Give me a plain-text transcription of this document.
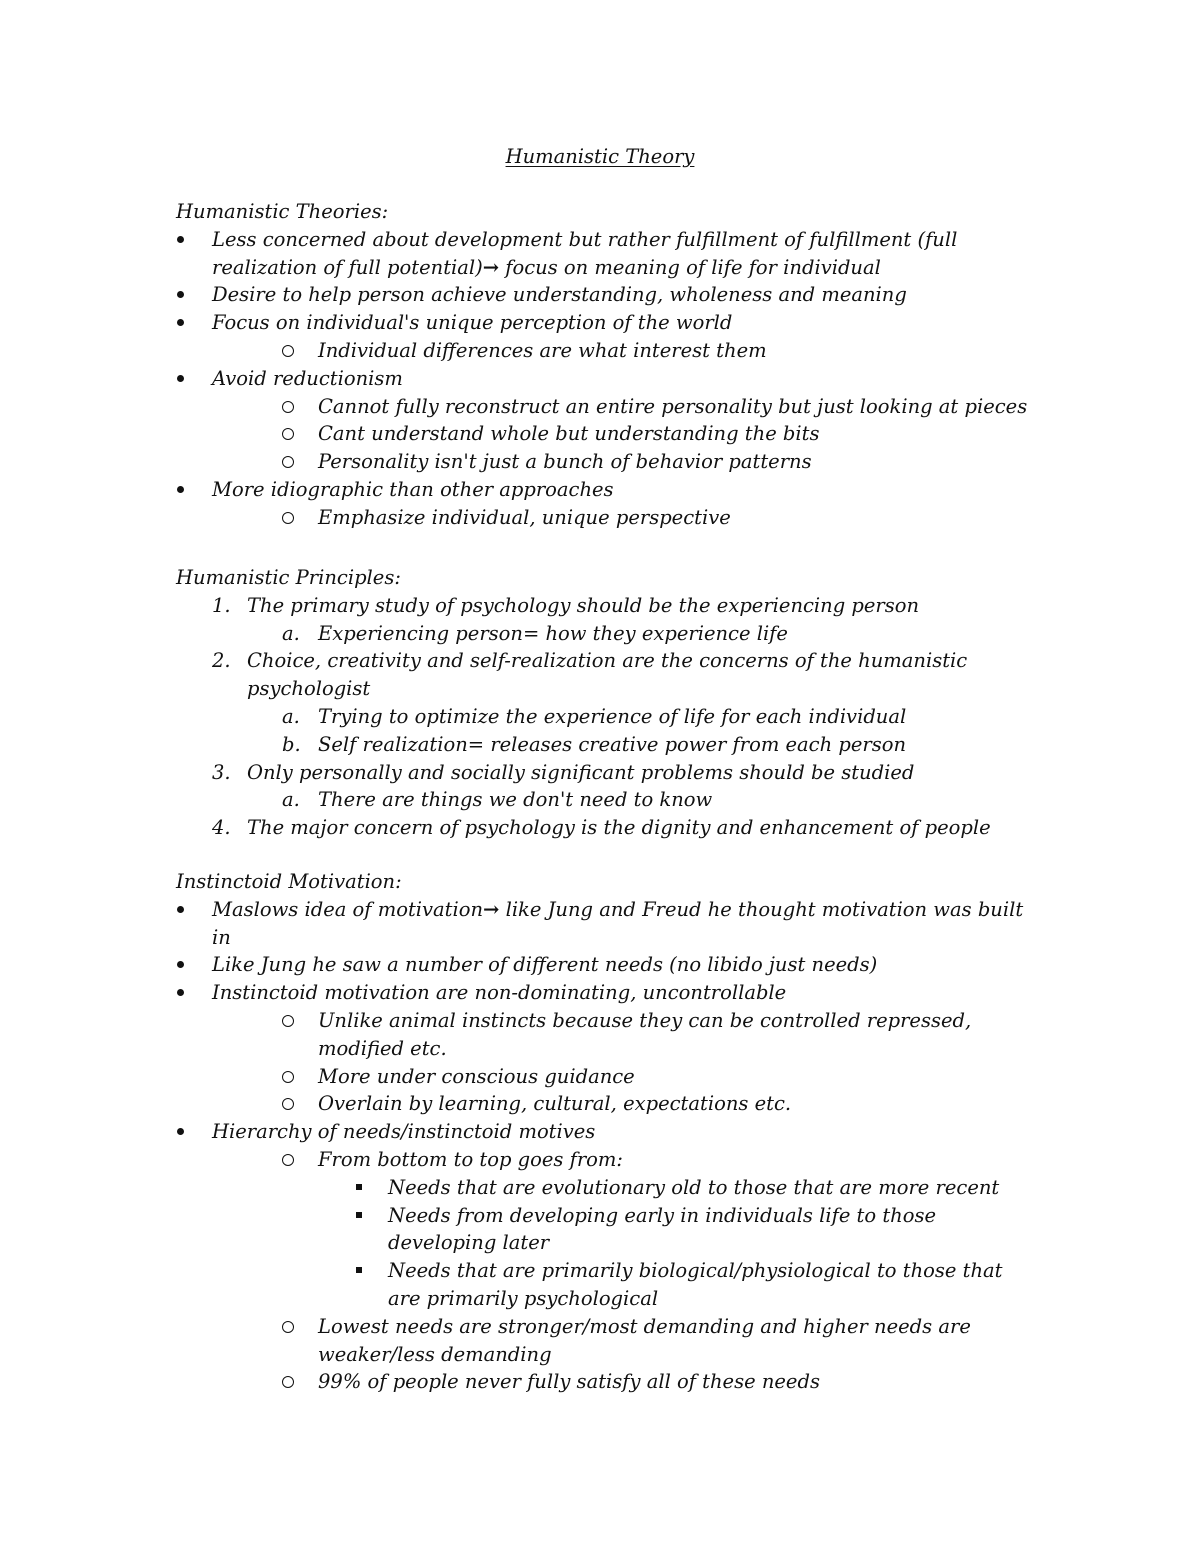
Humanistic Theory

Humanistic Theories:

Less concerned about development but rather fulfillment of fulfillment (full realization of full potential)→ focus on meaning of life for individual
Desire to help person achieve understanding, wholeness and meaning
Focus on individual's unique perception of the world
Individual differences are what interest them
Avoid reductionism
Cannot fully reconstruct an entire personality but just looking at pieces
Cant understand whole but understanding the bits
Personality isn't just a bunch of behavior patterns
More idiographic than other approaches
Emphasize individual, unique perspective

Humanistic Principles:

1. The primary study of psychology should be the experiencing person
a. Experiencing person= how they experience life
2. Choice, creativity and self-realization are the concerns of the humanistic psychologist
a. Trying to optimize the experience of life for each individual
b. Self realization= releases creative power from each person
3. Only personally and socially significant problems should be studied
a. There are things we don't need to know
4. The major concern of psychology is the dignity and enhancement of people

Instinctoid Motivation:

Maslows idea of motivation→ like Jung and Freud he thought motivation was built in
Like Jung he saw a number of different needs (no libido just needs)
Instinctoid motivation are non-dominating, uncontrollable
Unlike animal instincts because they can be controlled repressed, modified etc.
More under conscious guidance
Overlain by learning, cultural, expectations etc.
Hierarchy of needs/instinctoid motives
From bottom to top goes from:
Needs that are evolutionary old to those that are more recent
Needs from developing early in individuals life to those developing later
Needs that are primarily biological/physiological to those that are primarily psychological
Lowest needs are stronger/most demanding and higher needs are weaker/less demanding
99% of people never fully satisfy all of these needs
